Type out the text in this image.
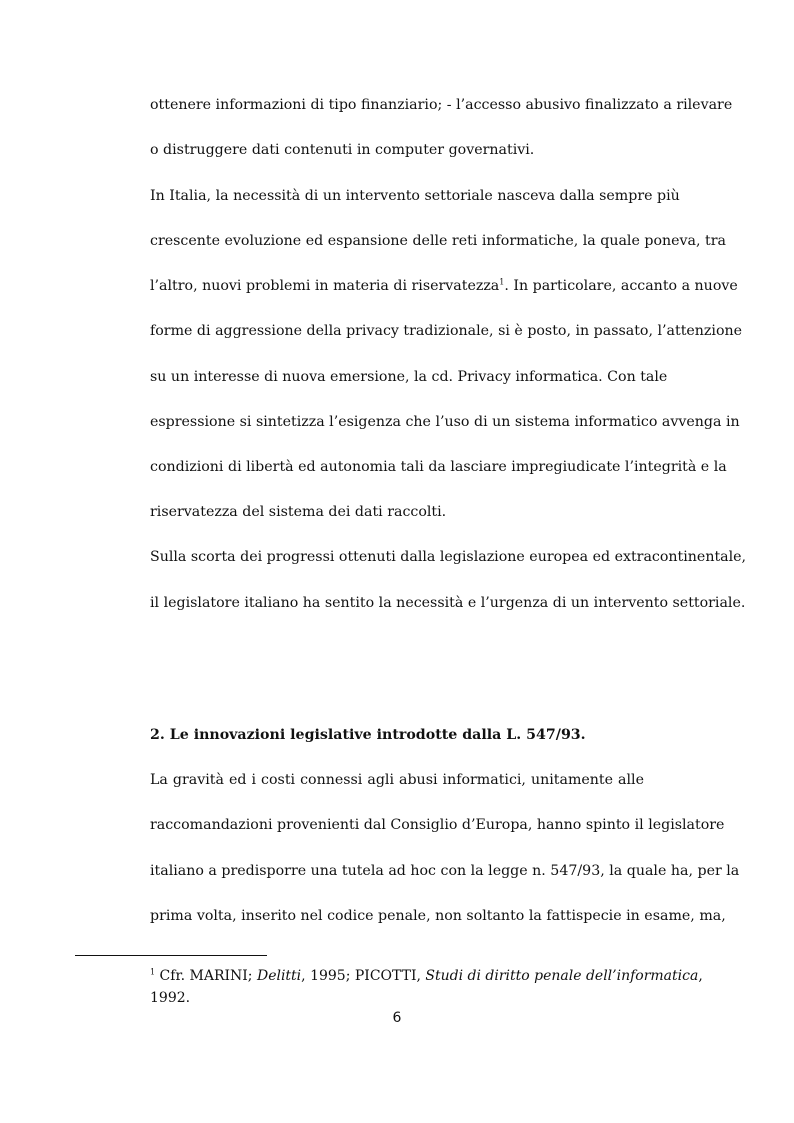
ottenere informazioni di tipo finanziario; - l’accesso abusivo finalizzato a rilevare
o distruggere dati contenuti in computer governativi.
In Italia, la necessità di un intervento settoriale nasceva dalla sempre più
crescente evoluzione ed espansione delle reti informatiche, la quale poneva, tra
l’altro, nuovi problemi in materia di riservatezza$^1$. In particolare, accanto a nuove
forme di aggressione della privacy tradizionale, si è posto, in passato, l’attenzione
su un interesse di nuova emersione, la cd. Privacy informatica. Con tale
espressione si sintetizza l’esigenza che l’uso di un sistema informatico avvenga in
condizioni di libertà ed autonomia tali da lasciare impregiudicate l’integrità e la
riservatezza del sistema dei dati raccolti.
Sulla scorta dei progressi ottenuti dalla legislazione europea ed extracontinentale,
il legislatore italiano ha sentito la necessità e l’urgenza di un intervento settoriale.
2. Le innovazioni legislative introdotte dalla L. 547/93.
La gravità ed i costi connessi agli abusi informatici, unitamente alle
raccomandazioni provenienti dal Consiglio d’Europa, hanno spinto il legislatore
italiano a predisporre una tutela ad hoc con la legge n. 547/93, la quale ha, per la
prima volta, inserito nel codice penale, non soltanto la fattispecie in esame, ma,
$^1$ Cfr. MARINI; Delitti, 1995; PICOTTI, Studi di diritto penale dell’informatica,
1992.
6
